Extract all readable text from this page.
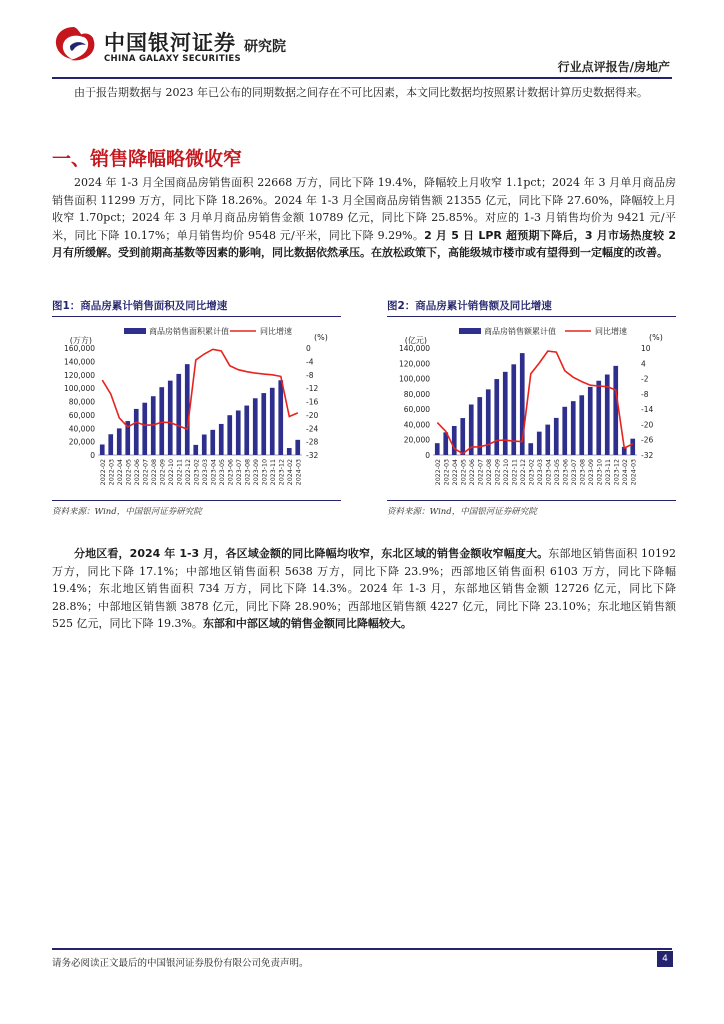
中国银河证券
CHINA GALAXY SECURITIES
研究院
行业点评报告/房地产

由于报告期数据与 2023 年已公布的同期数据之间存在不可比因素，本文同比数据均按照累计数据计算历史数据得来。

一、销售降幅略微收窄

2024 年 1-3 月全国商品房销售面积 22668 万方，同比下降 19.4%，降幅较上月收窄 1.1pct；2024 年 3 月单月商品房销售面积 11299 万方，同比下降 18.26%。2024 年 1-3 月全国商品房销售额 21355 亿元，同比下降 27.60%，降幅较上月收窄 1.70pct；2024 年 3 月单月商品房销售金额 10789 亿元，同比下降 25.85%。对应的 1-3 月销售均价为 9421 元/平米，同比下降 10.17%；单月销售均价 9548 元/平米，同比下降 9.29%。2 月 5 日 LPR 超预期下降后，3 月市场热度较 2 月有所缓解。受到前期高基数等因素的影响，同比数据依然承压。在放松政策下，高能级城市楼市或有望得到一定幅度的改善。

图1：商品房累计销售面积及同比增速
商品房销售面积累计值	同比增速
(万方)	(%)
160,000
140,000
120,000
100,000
80,000
60,000
40,000
20,000
0
0
-4
-8
-12
-16
-20
-24
-28
-32
2022-02 2022-03 2022-04 2022-05 2022-06 2022-07 2022-08 2022-09 2022-10 2022-11 2022-12 2023-02 2023-03 2023-04 2023-05 2023-06 2023-07 2023-08 2023-09 2023-10 2023-11 2023-12 2024-02 2024-03
资料来源：Wind，中国银河证券研究院
图2：商品房累计销售额及同比增速
商品房销售额累计值	同比增速
(亿元)	(%)
140,000
120,000
100,000
80,000
60,000
40,000
20,000
0
10
4
-2
-8
-14
-20
-26
-32
2022-02 2022-03 2022-04 2022-05 2022-06 2022-07 2022-08 2022-09 2022-10 2022-11 2022-12 2023-02 2023-03 2023-04 2023-05 2023-06 2023-07 2023-08 2023-09 2023-10 2023-11 2023-12 2024-02 2024-03
资料来源：Wind，中国银河证券研究院

分地区看，2024 年 1-3 月，各区域金额的同比降幅均收窄，东北区域的销售金额收窄幅度大。东部地区销售面积 10192 万方，同比下降 17.1%；中部地区销售面积 5638 万方，同比下降 23.9%；西部地区销售面积 6103 万方，同比下降幅 19.4%；东北地区销售面积 734 万方，同比下降 14.3%。2024 年 1-3 月，东部地区销售金额 12726 亿元，同比下降 28.8%；中部地区销售额 3878 亿元，同比下降 28.90%；西部地区销售额 4227 亿元，同比下降 23.10%；东北地区销售额 525 亿元，同比下降 19.3%。东部和中部区域的销售金额同比降幅较大。

请务必阅读正文最后的中国银河证券股份有限公司免责声明。	4
